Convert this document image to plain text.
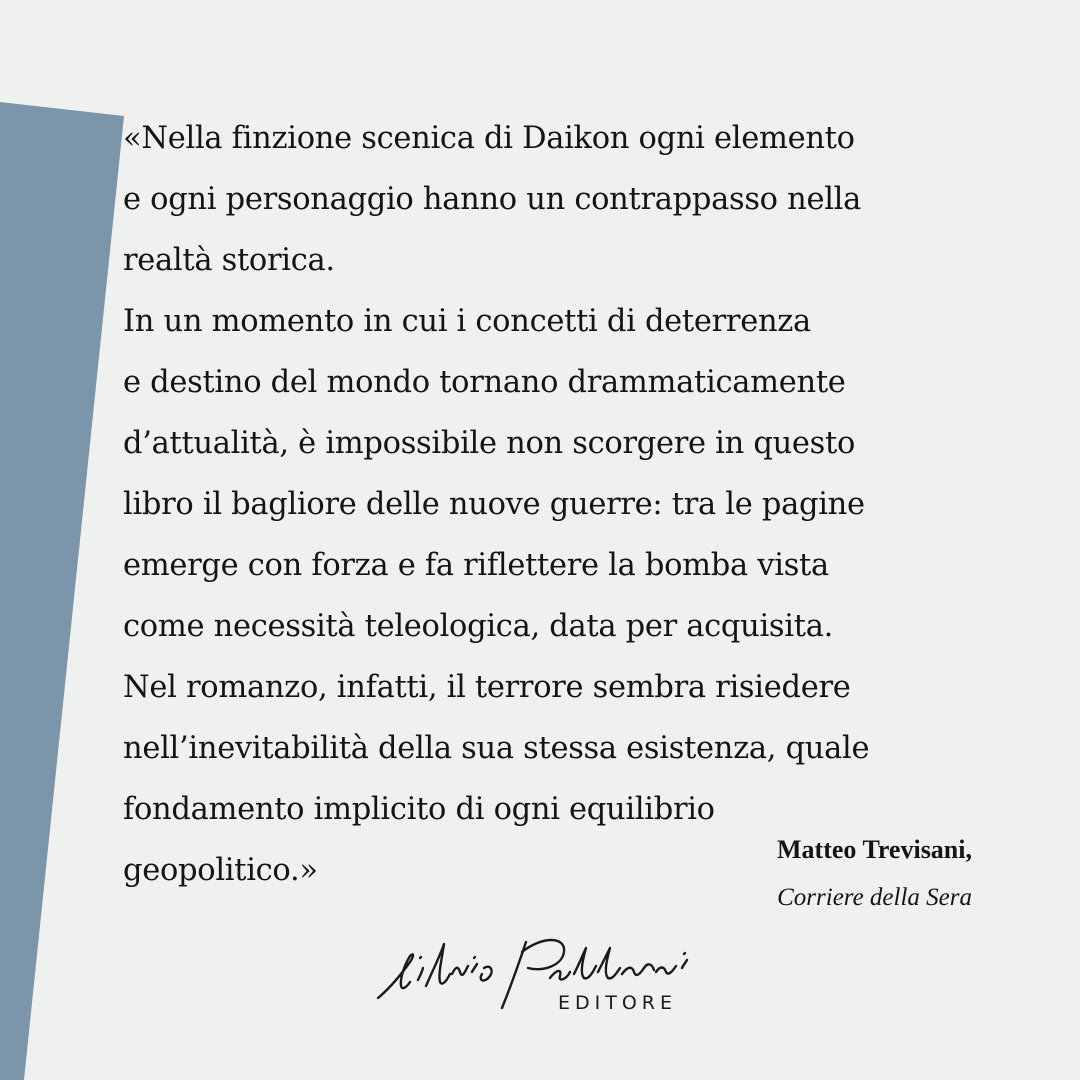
«Nella finzione scenica di Daikon ogni elemento
e ogni personaggio hanno un contrappasso nella
realtà storica.
In un momento in cui i concetti di deterrenza
e destino del mondo tornano drammaticamente
d’attualità, è impossibile non scorgere in questo
libro il bagliore delle nuove guerre: tra le pagine
emerge con forza e fa riflettere la bomba vista
come necessità teleologica, data per acquisita.
Nel romanzo, infatti, il terrore sembra risiedere
nell’inevitabilità della sua stessa esistenza, quale
fondamento implicito di ogni equilibrio
geopolitico.»
Matteo Trevisani,
Corriere della Sera
EDITORE
